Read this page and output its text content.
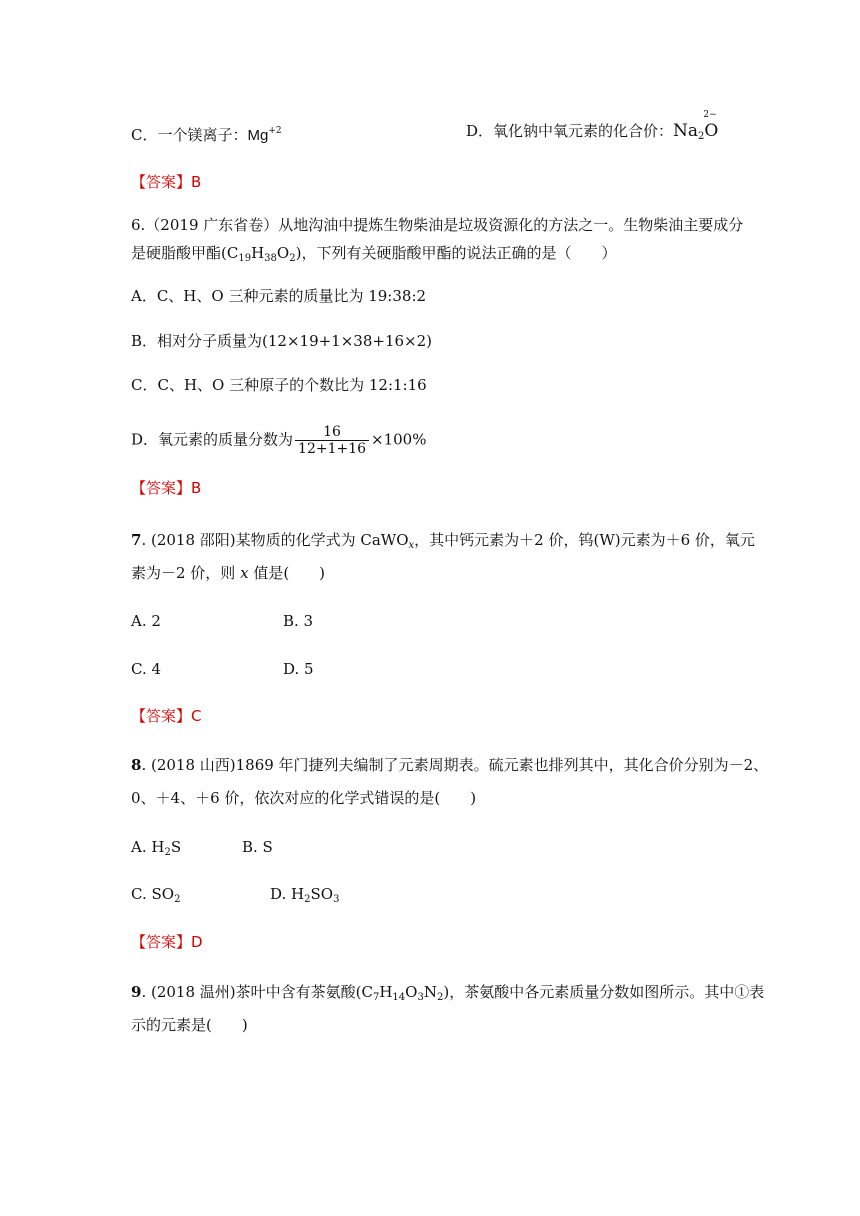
C．一个镁离子：$Mg^{+2}$	D．氧化钠中氧元素的化合价：$Na_2$
2−
O
【答案】B
6.（2019 广东省卷）从地沟油中提炼生物柴油是垃圾资源化的方法之一。生物柴油主要成分
是硬脂酸甲酯$(C_{19}H_{38}O_2)$，下列有关硬脂酸甲酯的说法正确的是（　　）
A．C、H、O 三种元素的质量比为 19:38:2
B．相对分子质量为(12×19+1×38+16×2)
C．C、H、O 三种原子的个数比为 12:1:16
D．氧元素的质量分数为 $\frac{16}{12+1+16} \times 100\%$
【答案】B
7. (2018 邵阳)某物质的化学式为 CaWO$_x$，其中钙元素为＋2 价，钨(W)元素为＋6 价，氧元
素为－2 价，则 x 值是(　　)
A. 2	B. 3
C. 4	D. 5
【答案】C
8. (2018 山西)1869 年门捷列夫编制了元素周期表。硫元素也排列其中，其化合价分别为－2、
0、＋4、＋6 价，依次对应的化学式错误的是(　　)
A. $H_2S$	B. S
C. $SO_2$	D. $H_2SO_3$
【答案】D
9. (2018 温州)茶叶中含有茶氨酸$(C_7H_{14}O_3N_2)$，茶氨酸中各元素质量分数如图所示。其中①表
示的元素是(　　)
